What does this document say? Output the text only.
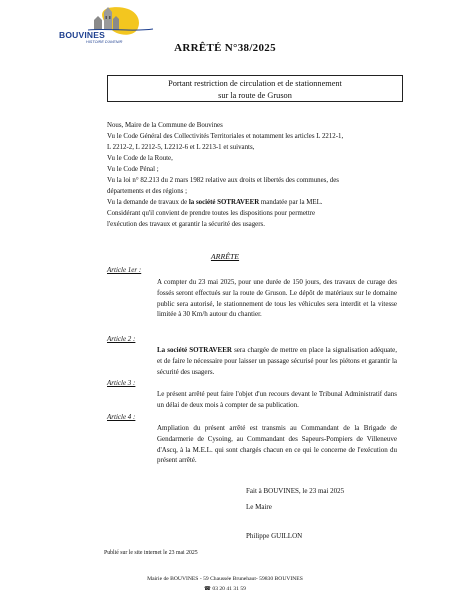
BOUVINES
HISTOIRE D'AVENIR	ARRÊTÉ N°38/2025
Portant restriction de circulation et de stationnement
sur la route de Gruson
Nous, Maire de la Commune de Bouvines
Vu le Code Général des Collectivités Territoriales et notamment les articles L 2212-1,
L 2212-2, L 2212-5, L2212-6 et L 2213-1 et suivants,
Vu le Code de la Route,
Vu le Code Pénal ;
Vu la loi n° 82.213 du 2 mars 1982 relative aux droits et libertés des communes, des
départements et des régions ;
Vu la demande de travaux de la société SOTRAVEER mandatée par la MEL.
Considérant qu'il convient de prendre toutes les dispositions pour permettre
l'exécution des travaux et garantir la sécurité des usagers.
ARRÊTE
Article 1er :
A compter du 23 mai 2025, pour une durée de 150 jours, des travaux de curage des fossés seront effectués sur la route de Gruson. Le dépôt de matériaux sur le domaine public sera autorisé, le stationnement de tous les véhicules sera interdit et la vitesse limitée à 30 Km/h autour du chantier.
Article 2 :
La société SOTRAVEER sera chargée de mettre en place la signalisation adéquate, et de faire le nécessaire pour laisser un passage sécurisé pour les piétons et garantir la sécurité des usagers.
Article 3 :
Le présent arrêté peut faire l'objet d'un recours devant le Tribunal Administratif dans un délai de deux mois à compter de sa publication.
Article 4 :
Ampliation du présent arrêté est transmis au Commandant de la Brigade de Gendarmerie de Cysoing, au Commandant des Sapeurs-Pompiers de Villeneuve d'Ascq, à la M.E.L. qui sont chargés chacun en ce qui le concerne de l'exécution du présent arrêté.
Fait à BOUVINES, le 23 mai 2025
Le Maire
Philippe GUILLON
Publié sur le site internet le 23 mai 2025
Mairie de BOUVINES - 59 Chaussée Brunehaut- 59830 BOUVINES
☎ 03 20 41 31 59
